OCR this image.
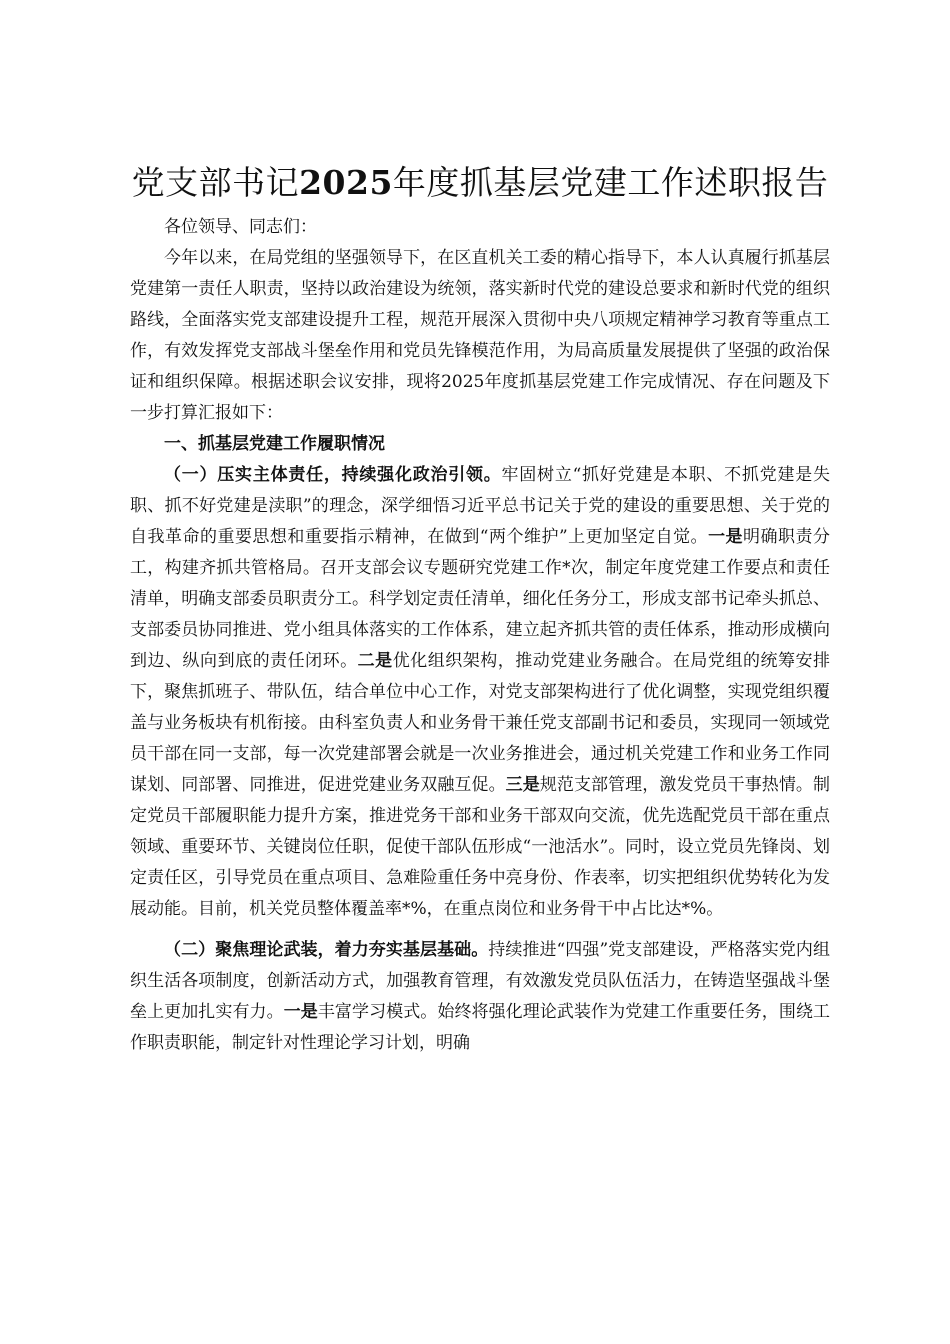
党支部书记2025年度抓基层党建工作述职报告

各位领导、同志们：

今年以来，在局党组的坚强领导下，在区直机关工委的精心指导下，本人认真履行抓基层党建第一责任人职责，坚持以政治建设为统领，落实新时代党的建设总要求和新时代党的组织路线，全面落实党支部建设提升工程，规范开展深入贯彻中央八项规定精神学习教育等重点工作，有效发挥党支部战斗堡垒作用和党员先锋模范作用，为局高质量发展提供了坚强的政治保证和组织保障。根据述职会议安排，现将2025年度抓基层党建工作完成情况、存在问题及下一步打算汇报如下：

一、抓基层党建工作履职情况

（一）压实主体责任，持续强化政治引领。牢固树立“抓好党建是本职、不抓党建是失职、抓不好党建是渎职”的理念，深学细悟习近平总书记关于党的建设的重要思想、关于党的自我革命的重要思想和重要指示精神，在做到“两个维护”上更加坚定自觉。一是明确职责分工，构建齐抓共管格局。召开支部会议专题研究党建工作*次，制定年度党建工作要点和责任清单，明确支部委员职责分工。科学划定责任清单，细化任务分工，形成支部书记牵头抓总、支部委员协同推进、党小组具体落实的工作体系，建立起齐抓共管的责任体系，推动形成横向到边、纵向到底的责任闭环。二是优化组织架构，推动党建业务融合。在局党组的统筹安排下，聚焦抓班子、带队伍，结合单位中心工作，对党支部架构进行了优化调整，实现党组织覆盖与业务板块有机衔接。由科室负责人和业务骨干兼任党支部副书记和委员，实现同一领域党员干部在同一支部，每一次党建部署会就是一次业务推进会，通过机关党建工作和业务工作同谋划、同部署、同推进，促进党建业务双融互促。三是规范支部管理，激发党员干事热情。制定党员干部履职能力提升方案，推进党务干部和业务干部双向交流，优先选配党员干部在重点领域、重要环节、关键岗位任职，促使干部队伍形成“一池活水”。同时，设立党员先锋岗、划定责任区，引导党员在重点项目、急难险重任务中亮身份、作表率，切实把组织优势转化为发展动能。目前，机关党员整体覆盖率*%，在重点岗位和业务骨干中占比达*%。

（二）聚焦理论武装，着力夯实基层基础。持续推进“四强”党支部建设，严格落实党内组织生活各项制度，创新活动方式，加强教育管理，有效激发党员队伍活力，在铸造坚强战斗堡垒上更加扎实有力。一是丰富学习模式。始终将强化理论武装作为党建工作重要任务，围绕工作职责职能，制定针对性理论学习计划，明确
